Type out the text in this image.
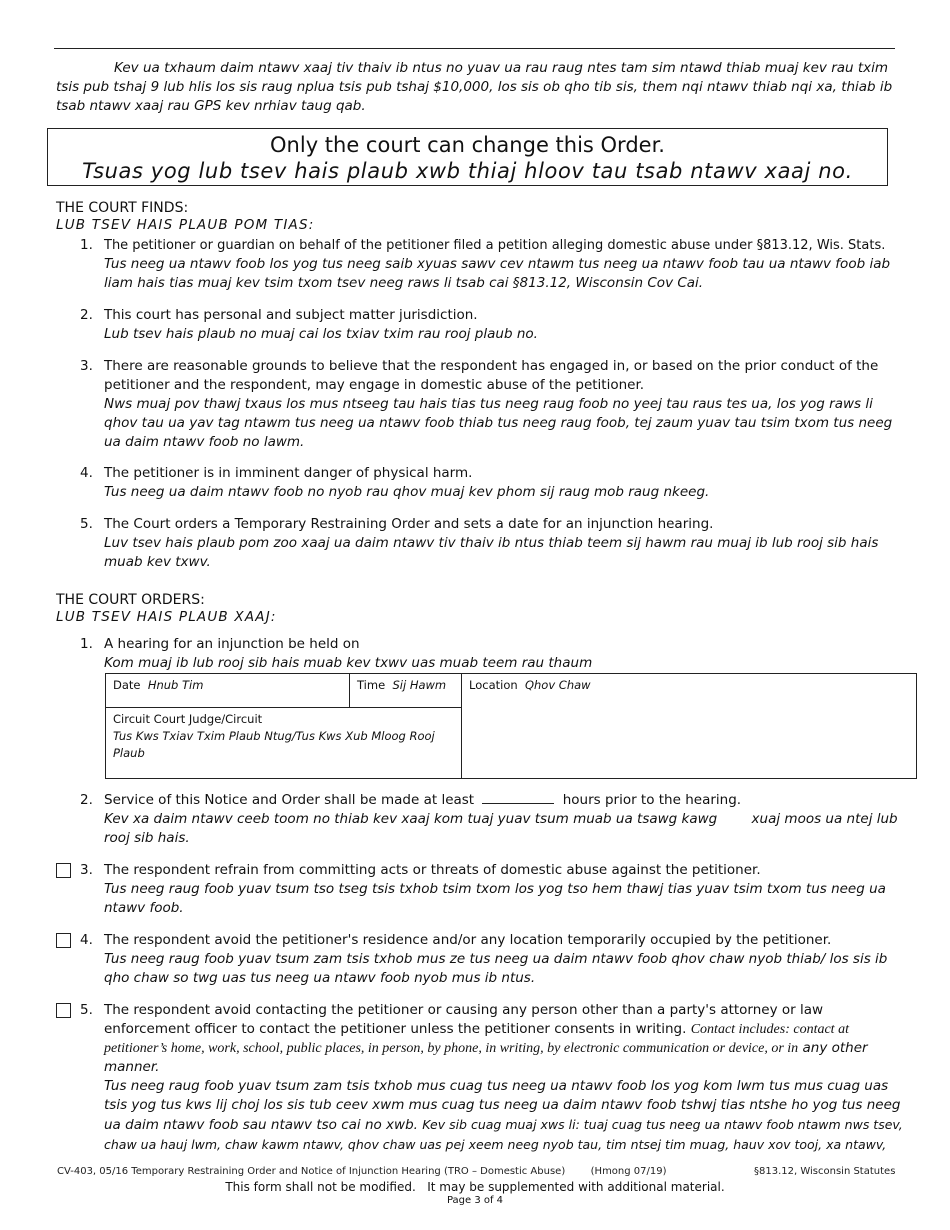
Kev ua txhaum daim ntawv xaaj tiv thaiv ib ntus no yuav ua rau raug ntes tam sim ntawd thiab muaj kev rau txim tsis pub tshaj 9 lub hlis los sis raug nplua tsis pub tshaj $10,000, los sis ob qho tib sis, them nqi ntawv thiab nqi xa, thiab ib tsab ntawv xaaj rau GPS kev nrhiav taug qab.
Only the court can change this Order.
Tsuas yog lub tsev hais plaub xwb thiaj hloov tau tsab ntawv xaaj no.
THE COURT FINDS:
LUB TSEV HAIS PLAUB POM TIAS:
1. The petitioner or guardian on behalf of the petitioner filed a petition alleging domestic abuse under §813.12, Wis. Stats.
Tus neeg ua ntawv foob los yog tus neeg saib xyuas sawv cev ntawm tus neeg ua ntawv foob tau ua ntawv foob iab liam hais tias muaj kev tsim txom tsev neeg raws li tsab cai §813.12, Wisconsin Cov Cai.
2. This court has personal and subject matter jurisdiction.
Lub tsev hais plaub no muaj cai los txiav txim rau rooj plaub no.
3. There are reasonable grounds to believe that the respondent has engaged in, or based on the prior conduct of the petitioner and the respondent, may engage in domestic abuse of the petitioner.
Nws muaj pov thawj txaus los mus ntseeg tau hais tias tus neeg raug foob no yeej tau raus tes ua, los yog raws li qhov tau ua yav tag ntawm tus neeg ua ntawv foob thiab tus neeg raug foob, tej zaum yuav tau tsim txom tus neeg ua daim ntawv foob no lawm.
4. The petitioner is in imminent danger of physical harm.
Tus neeg ua daim ntawv foob no nyob rau qhov muaj kev phom sij raug mob raug nkeeg.
5. The Court orders a Temporary Restraining Order and sets a date for an injunction hearing.
Luv tsev hais plaub pom zoo xaaj ua daim ntawv tiv thaiv ib ntus thiab teem sij hawm rau muaj ib lub rooj sib hais muab kev txwv.
THE COURT ORDERS:
LUB TSEV HAIS PLAUB XAAJ:
1. A hearing for an injunction be held on
Kom muaj ib lub rooj sib hais muab kev txwv uas muab teem rau thaum
Date Hnub Tim	Time Sij Hawm	Location Qhov Chaw
Circuit Court Judge/Circuit
Tus Kws Txiav Txim Plaub Ntug/Tus Kws Xub Mloog Rooj Plaub
2. Service of this Notice and Order shall be made at least	hours prior to the hearing.
Kev xa daim ntawv ceeb toom no thiab kev xaaj kom tuaj yuav tsum muab ua tsawg kawg        xuaj moos ua ntej lub rooj sib hais.
3. The respondent refrain from committing acts or threats of domestic abuse against the petitioner.
Tus neeg raug foob yuav tsum tso tseg tsis txhob tsim txom los yog tso hem thawj tias yuav tsim txom tus neeg ua ntawv foob.
4. The respondent avoid the petitioner's residence and/or any location temporarily occupied by the petitioner.
Tus neeg raug foob yuav tsum zam tsis txhob mus ze tus neeg ua daim ntawv foob qhov chaw nyob thiab/ los sis ib qho chaw so twg uas tus neeg ua ntawv foob nyob mus ib ntus.
5. The respondent avoid contacting the petitioner or causing any person other than a party's attorney or law enforcement officer to contact the petitioner unless the petitioner consents in writing. Contact includes: contact at petitioner’s home, work, school, public places, in person, by phone, in writing, by electronic communication or device, or in any other manner.
Tus neeg raug foob yuav tsum zam tsis txhob mus cuag tus neeg ua ntawv foob los yog kom lwm tus mus cuag uas tsis yog tus kws lij choj los sis tub ceev xwm mus cuag tus neeg ua daim ntawv foob tshwj tias ntshe ho yog tus neeg ua daim ntawv foob sau ntawv tso cai no xwb. Kev sib cuag muaj xws li: tuaj cuag tus neeg ua ntawv foob ntawm nws tsev, chaw ua hauj lwm, chaw kawm ntawv, qhov chaw uas pej xeem neeg nyob tau, tim ntsej tim muag, hauv xov tooj, xa ntawv,
CV-403, 05/16 Temporary Restraining Order and Notice of Injunction Hearing (TRO – Domestic Abuse)        (Hmong 07/19)	§813.12, Wisconsin Statutes
This form shall not be modified.   It may be supplemented with additional material.
Page 3 of 4
